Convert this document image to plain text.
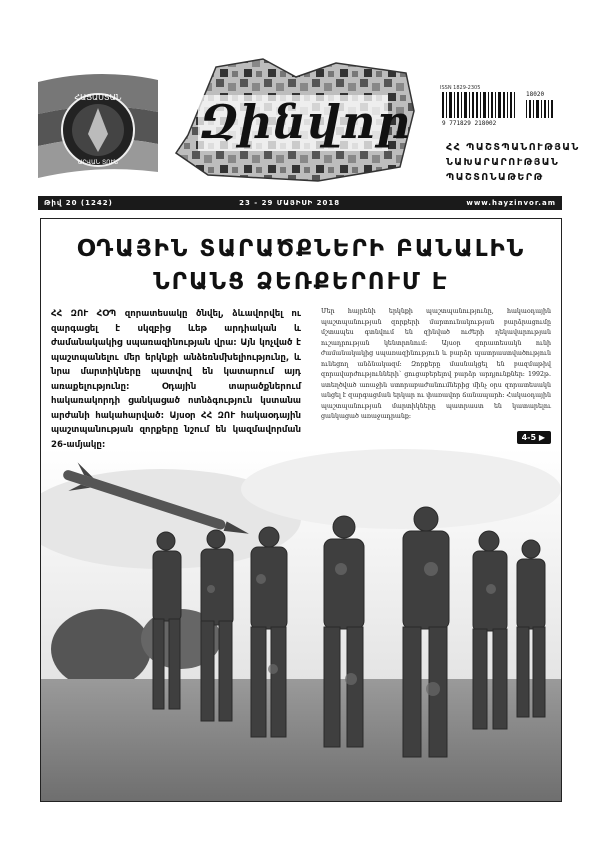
ՀԱՅԱՍՏԱՆ
ԱՐՎԱՆ ՏՈՒՆ
Զինվոր
ISSN 1829-2305
9 771829 218002
18020
ՀՀ ՊԱՇՏՊԱՆՈՒԹՅԱՆ
ՆԱԽԱՐԱՐՈՒԹՅԱՆ
ՊԱՇՏՈՆԱԹԵՐԹ
Թիվ 20 (1242)	23 - 29 ՄԱՅԻՍԻ 2018	www.hayzinvor.am
ՕԴԱՅԻՆ ՏԱՐԱԾՔՆԵՐԻ ԲԱՆԱԼԻՆ
ՆՐԱՆՑ ՁԵՌՔԵՐՈՒՄ Է
ՀՀ ԶՈՒ ՀՕՊ զորատեսակը ծնվել, ձևավորվել ու զարգացել է սկզբից ևեթ արդիական և ժամանակակից սպառազինության վրա: Այն կոչված է պաշտպանելու մեր երկնքի անձեռնմխելիությունը, և նրա մարտիկները պատվով են կատարում այդ առաքելությունը: Օդային տարածքներում հակառակորդի ցանկացած ոտնձգություն կստանա արժանի հակահարված: Այսօր ՀՀ ԶՈՒ հակաօդային պաշտպանության զորքերը նշում են կազմավորման 26-ամյակը:
Մեր հայրենի երկնքի պաշտպանությունը, հակաօդային պաշտպանության զորքերի մարտունակության բարձրացումը մշտապես գտնվում են զինված ուժերի ղեկավարության ուշադրության կենտրոնում: Այսօր զորատեսակն ունի ժամանակակից սպառազինություն և բարձր պատրաստվածություն ունեցող անձնակազմ: Զորքերը մասնակցել են բազմաթիվ զորավարժությունների՝ ցուցաբերելով բարձր արդյունքներ: 1992թ. ստեղծված առաջին ստորաբաժանումներից մինչ օրս զորատեսակն անցել է զարգացման երկար ու փառավոր ճանապարհ։ Հակաօդային պաշտպանության մարտիկները պատրաստ են կատարելու ցանկացած առաջադրանք:
4-5 ▶
